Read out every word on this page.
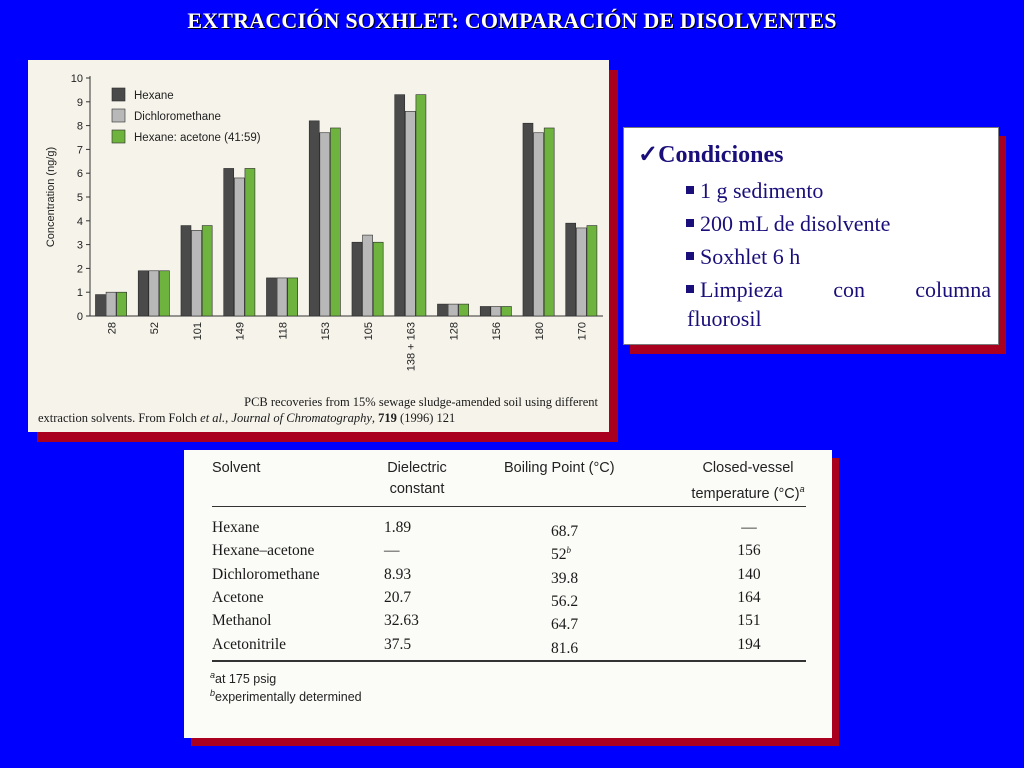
EXTRACCIÓN SOXHLET: COMPARACIÓN DE DISOLVENTES
0
1
2
3
4
5
6
7
8
9
10
Concentration (ng/g)
28	52	101	149	118	153	105	138 + 163	128	156	180	170
Hexane
Dichloromethane
Hexane: acetone (41:59)
PCB recoveries from 15% sewage sludge-amended soil using different
extraction solvents. From Folch et al., Journal of Chromatography, 719 (1996) 121
✓Condiciones
1 g sedimento
200 mL de disolvente
Soxhlet 6 h
Limpieza con columna
fluorosil
Solvent	Dielectric
constant
Boiling Point (°C)	Closed-vessel
temperature $(^\circ C)^a$
Hexane	1.89	68.7	—
Hexane–acetone	—	52$^b$	156
Dichloromethane	8.93	39.8	140
Acetone	20.7	56.2	164
Methanol	32.63	64.7	151
Acetonitrile	37.5	81.6	194
$^a$at 175 psig
$^b$experimentally determined
